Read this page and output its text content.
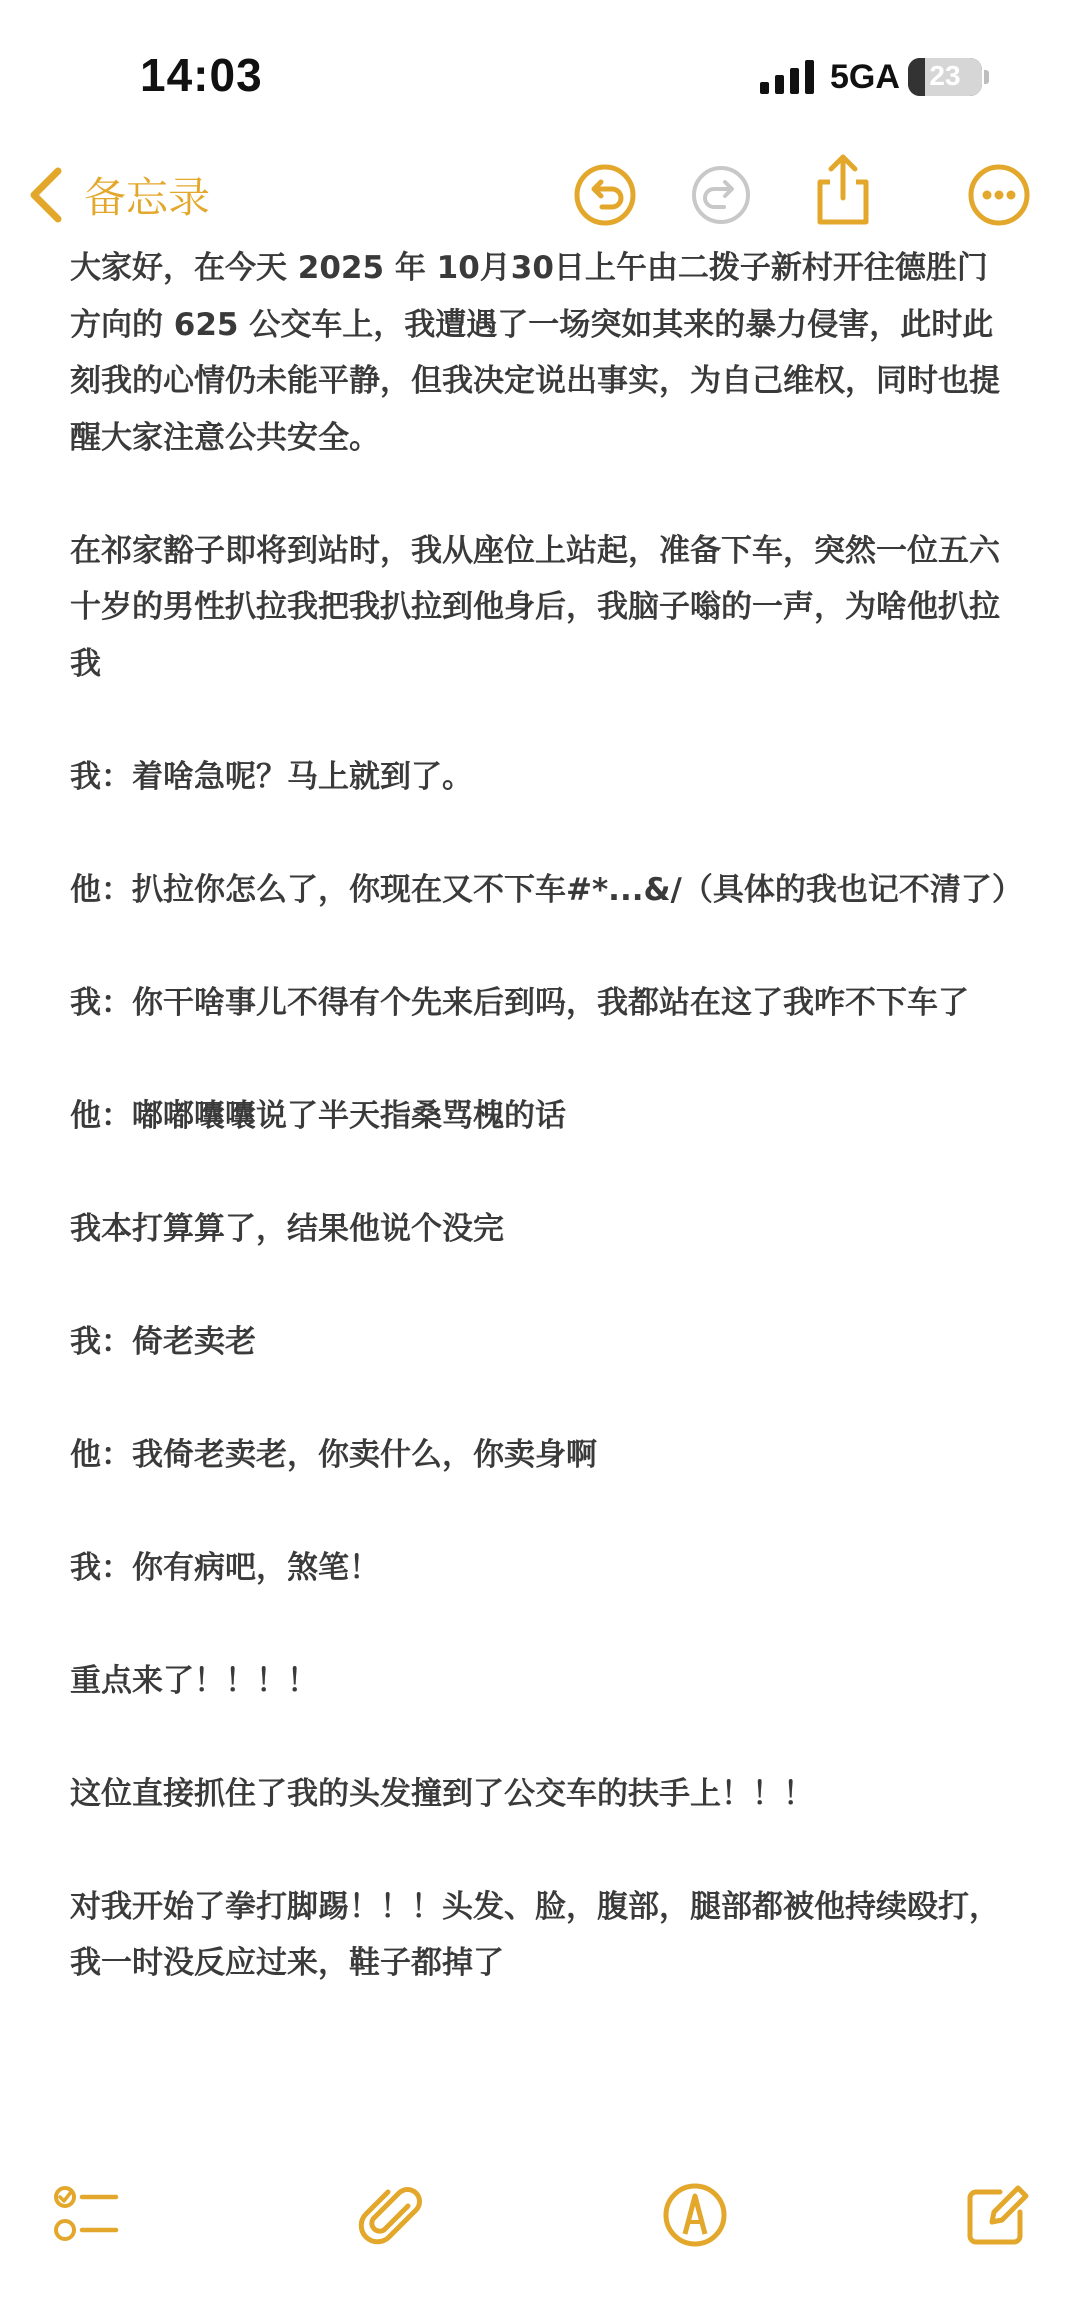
14:03	5GA	23
备忘录

大家好，在今天 2025 年 10月30日上午由二拨子新村开往德胜门方向的 625 公交车上，我遭遇了一场突如其来的暴力侵害，此时此刻我的心情仍未能平静，但我决定说出事实，为自己维权，同时也提醒大家注意公共安全。

在祁家豁子即将到站时，我从座位上站起，准备下车，突然一位五六十岁的男性扒拉我把我扒拉到他身后，我脑子嗡的一声，为啥他扒拉我

我：着啥急呢？马上就到了。

他：扒拉你怎么了，你现在又不下车#*...&/（具体的我也记不清了）

我：你干啥事儿不得有个先来后到吗，我都站在这了我咋不下车了

他：嘟嘟囔囔说了半天指桑骂槐的话

我本打算算了，结果他说个没完

我：倚老卖老

他：我倚老卖老，你卖什么，你卖身啊

我：你有病吧，煞笔！

重点来了！！！！

这位直接抓住了我的头发撞到了公交车的扶手上！！！

对我开始了拳打脚踢！！！头发、脸，腹部，腿部都被他持续殴打，我一时没反应过来，鞋子都掉了
